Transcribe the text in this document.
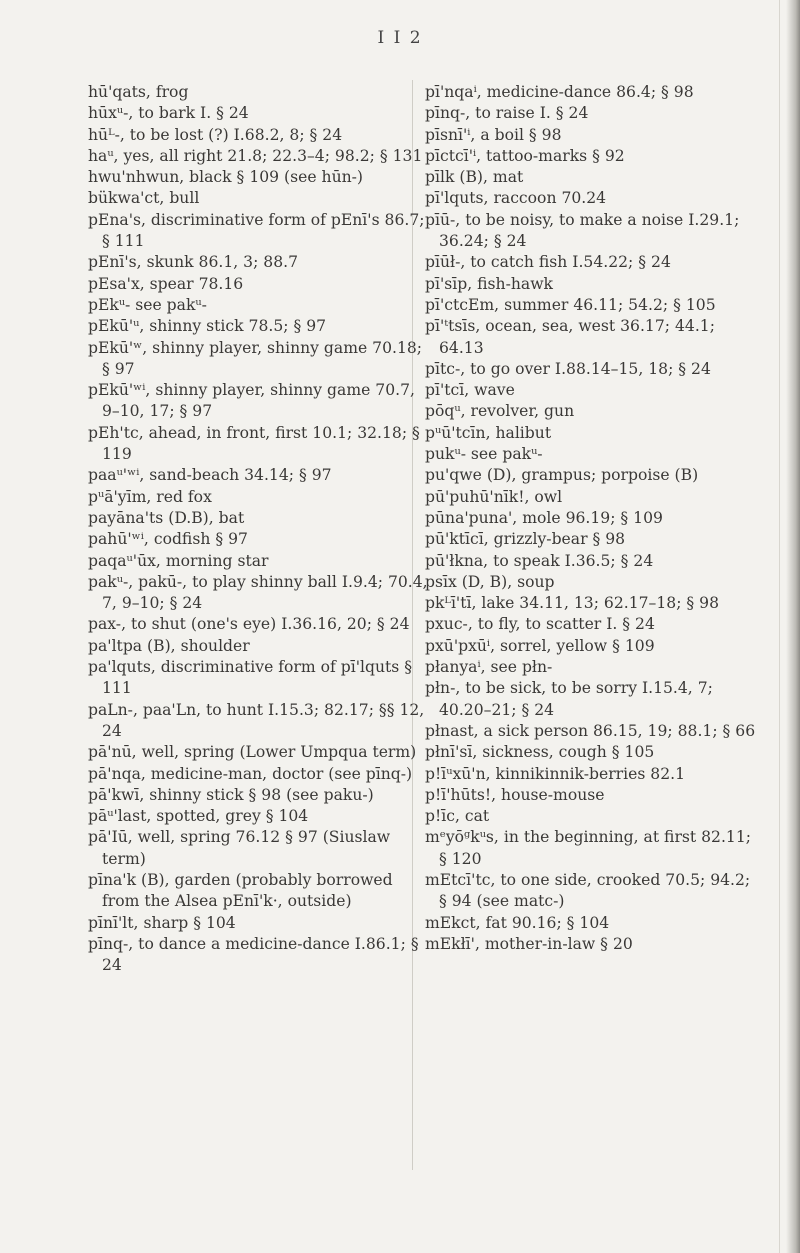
I I 2

hū'qats, frog

hūxᵘ-, to bark I. § 24

hūᴸ-, to be lost (?) I.68.2, 8; § 24

haᵘ, yes, all right 21.8; 22.3–4; 98.2; § 131

hwu'nhwun, black § 109 (see hūn-)

bükwa'ct, bull

pEna's, discriminative form of pEnī's 86.7; § 111

pEnī's, skunk 86.1, 3; 88.7

pEsa'x, spear 78.16

pEkᵘ- see pakᵘ-

pEkū'ᵘ, shinny stick 78.5; § 97

pEkū'ʷ, shinny player, shinny game 70.18; § 97

pEkū'ʷⁱ, shinny player, shinny game 70.7, 9–10, 17; § 97

pEh'tc, ahead, in front, first 10.1; 32.18; § 119

paaᵘ'ʷⁱ, sand-beach 34.14; § 97

pᵘā'yīm, red fox

payāna'ts (D.B), bat

pahū'ʷⁱ, codfish § 97

paqaᵘ'ūx, morning star

pakᵘ-, pakū-, to play shinny ball I.9.4; 70.4, 7, 9–10; § 24

pax-, to shut (one's eye) I.36.16, 20; § 24

pa'ltpa (B), shoulder

pa'lquts, discriminative form of pī'lquts § 111

paLn-, paa'Ln, to hunt I.15.3; 82.17; §§ 12, 24

pā'nū, well, spring (Lower Umpqua term)

pā'nqa, medicine-man, doctor (see pīnq-)

pā'kwī, shinny stick § 98 (see paku-)

pāᵘ'last, spotted, grey § 104

pā'Iū, well, spring 76.12 § 97 (Siuslaw term)

pīna'k (B), garden (probably borrowed from the Alsea pEnī'k·, outside)

pīnī'lt, sharp § 104

pīnq-, to dance a medicine-dance I.86.1; § 24

pī'nqaⁱ, medicine-dance 86.4; § 98

pīnq-, to raise I. § 24

pīsnī'ⁱ, a boil § 98

pīctcī'ⁱ, tattoo-marks § 92

pīlk (B), mat

pī'lquts, raccoon 70.24

pīū-, to be noisy, to make a noise I.29.1; 36.24; § 24

pīūł-, to catch fish I.54.22; § 24

pī'sīp, fish-hawk

pī'ctcEm, summer 46.11; 54.2; § 105

pī'ᵗtsīs, ocean, sea, west 36.17; 44.1; 64.13

pītc-, to go over I.88.14–15, 18; § 24

pī'tcī, wave

pōqᵘ, revolver, gun

pᵘū'tcīn, halibut

pukᵘ- see pakᵘ-

pu'qwe (D), grampus; porpoise (B)

pū'puhū'nīk!, owl

pūna'puna', mole 96.19; § 109

pū'ktīcī, grizzly-bear § 98

pū'łkna, to speak I.36.5; § 24

psīx (D, B), soup

pkᴸī'tī, lake 34.11, 13; 62.17–18; § 98

pxuc-, to fly, to scatter I. § 24

pxū'pxūⁱ, sorrel, yellow § 109

płanyaⁱ, see płn-

płn-, to be sick, to be sorry I.15.4, 7; 40.20–21; § 24

płnast, a sick person 86.15, 19; 88.1; § 66

płnī'sī, sickness, cough § 105

p!īᵘxū'n, kinnikinnik-berries 82.1

p!ī'hūts!, house-mouse

p!īc, cat

mᵉyōᵍkᵘs, in the beginning, at first 82.11; § 120

mEtcī'tc, to one side, crooked 70.5; 94.2; § 94 (see matc-)

mEkct, fat 90.16; § 104

mEkłī', mother-in-law § 20
